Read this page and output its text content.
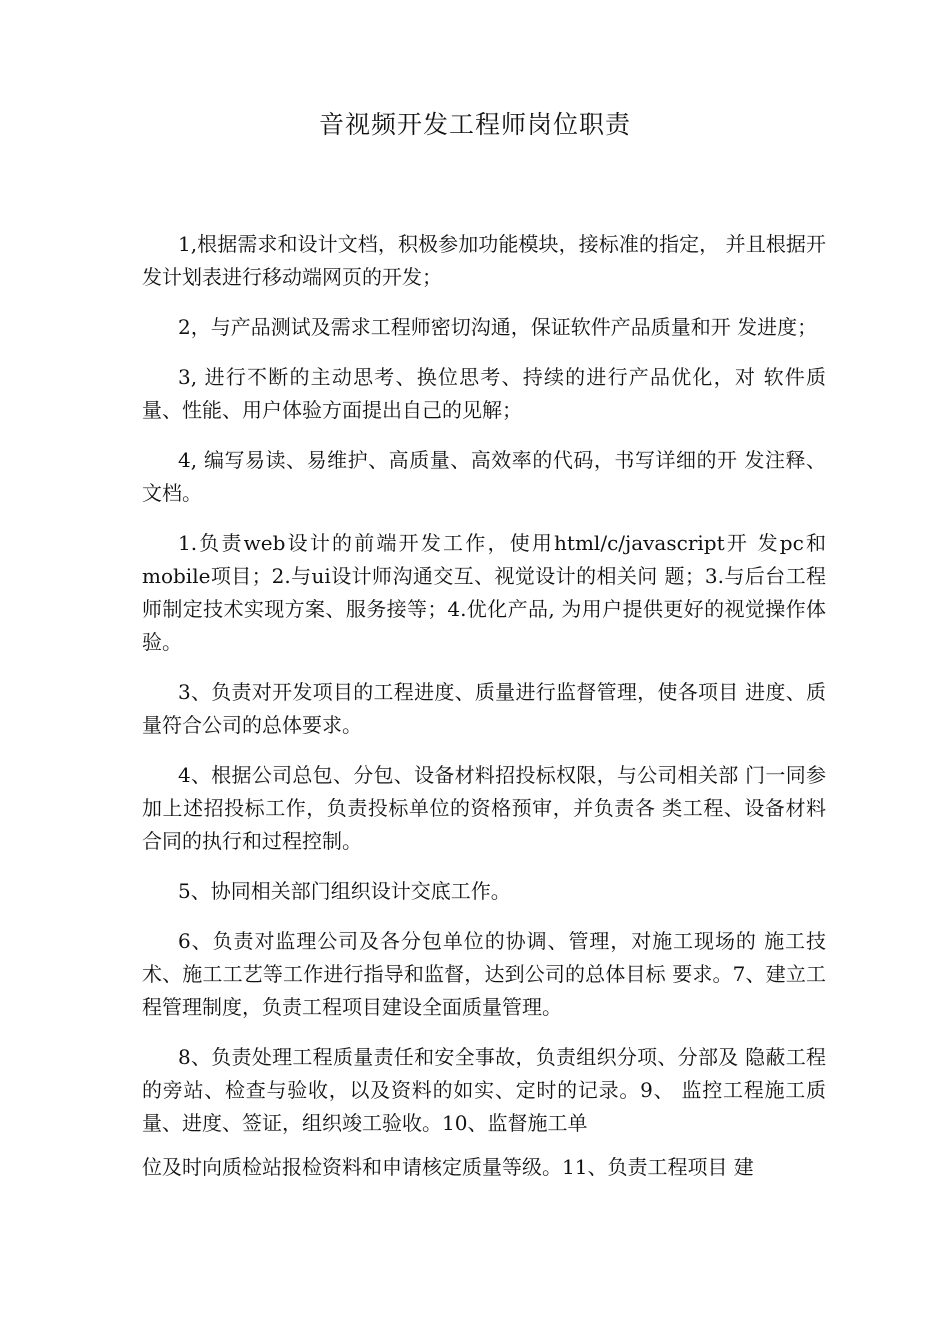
音视频开发工程师岗位职责

1,根据需求和设计文档，积极参加功能模块，接标准的指定， 并且根据开发计划表进行移动端网页的开发；

2，与产品测试及需求工程师密切沟通，保证软件产品质量和开 发进度；

3, 进行不断的主动思考、换位思考、持续的进行产品优化，对 软件质量、性能、用户体验方面提出自己的见解；

4, 编写易读、易维护、高质量、高效率的代码，书写详细的开 发注释、文档。

1.负责web设计的前端开发工作，使用html/c/javascript开 发pc和mobile项目；2.与ui设计师沟通交互、视觉设计的相关问 题；3.与后台工程师制定技术实现方案、服务接等；4.优化产品, 为用户提供更好的视觉操作体验。

3、负责对开发项目的工程进度、质量进行监督管理，使各项目 进度、质量符合公司的总体要求。

4、根据公司总包、分包、设备材料招投标权限，与公司相关部 门一同参加上述招投标工作，负责投标单位的资格预审，并负责各 类工程、设备材料合同的执行和过程控制。

5、协同相关部门组织设计交底工作。

6、负责对监理公司及各分包单位的协调、管理，对施工现场的 施工技术、施工工艺等工作进行指导和监督，达到公司的总体目标 要求。7、建立工程管理制度，负责工程项目建设全面质量管理。

8、负责处理工程质量责任和安全事故，负责组织分项、分部及 隐蔽工程的旁站、检查与验收，以及资料的如实、定时的记录。9、 监控工程施工质量、进度、签证，组织竣工验收。10、监督施工单

位及时向质检站报检资料和申请核定质量等级。11、负责工程项目 建
